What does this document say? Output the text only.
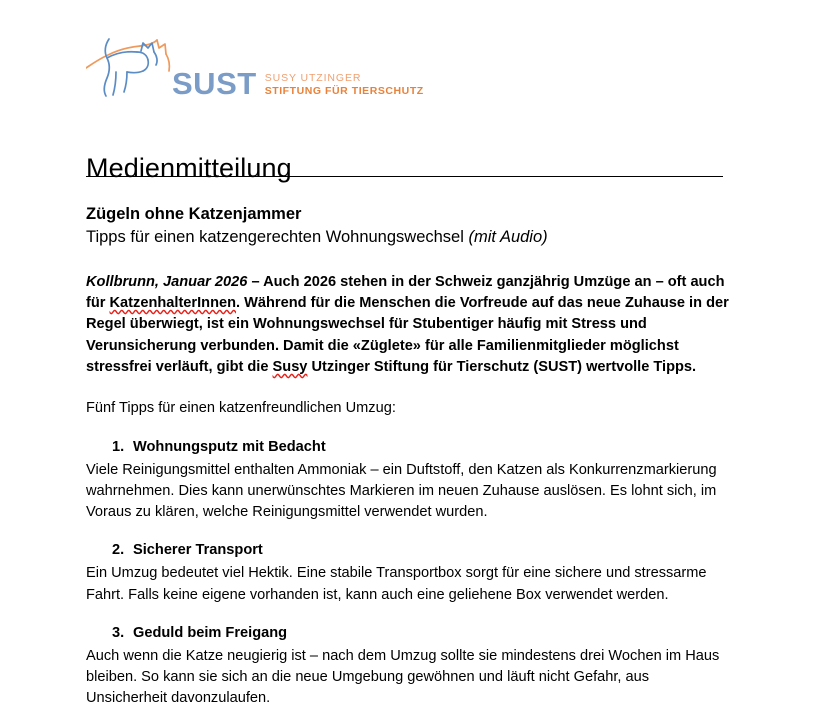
SUST SUSY UTZINGER
STIFTUNG FÜR TIERSCHUTZ
Medienmitteilung

Zügeln ohne Katzenjammer

Tipps für einen katzengerechten Wohnungswechsel (mit Audio)

Kollbrunn, Januar 2026 – Auch 2026 stehen in der Schweiz ganzjährig Umzüge an – oft auch für KatzenhalterInnen. Während für die Menschen die Vorfreude auf das neue Zuhause in der Regel überwiegt, ist ein Wohnungswechsel für Stubentiger häufig mit Stress und Verunsicherung verbunden. Damit die «Züglete» für alle Familienmitglieder möglichst stressfrei verläuft, gibt die Susy Utzinger Stiftung für Tierschutz (SUST) wertvolle Tipps.

Fünf Tipps für einen katzenfreundlichen Umzug:

1. Wohnungsputz mit Bedacht
Viele Reinigungsmittel enthalten Ammoniak – ein Duftstoff, den Katzen als Konkurrenzmarkierung wahrnehmen. Dies kann unerwünschtes Markieren im neuen Zuhause auslösen. Es lohnt sich, im Voraus zu klären, welche Reinigungsmittel verwendet wurden.
2. Sicherer Transport
Ein Umzug bedeutet viel Hektik. Eine stabile Transportbox sorgt für eine sichere und stressarme Fahrt. Falls keine eigene vorhanden ist, kann auch eine geliehene Box verwendet werden.
3. Geduld beim Freigang
Auch wenn die Katze neugierig ist – nach dem Umzug sollte sie mindestens drei Wochen im Haus bleiben. So kann sie sich an die neue Umgebung gewöhnen und läuft nicht Gefahr, aus Unsicherheit davonzulaufen.
